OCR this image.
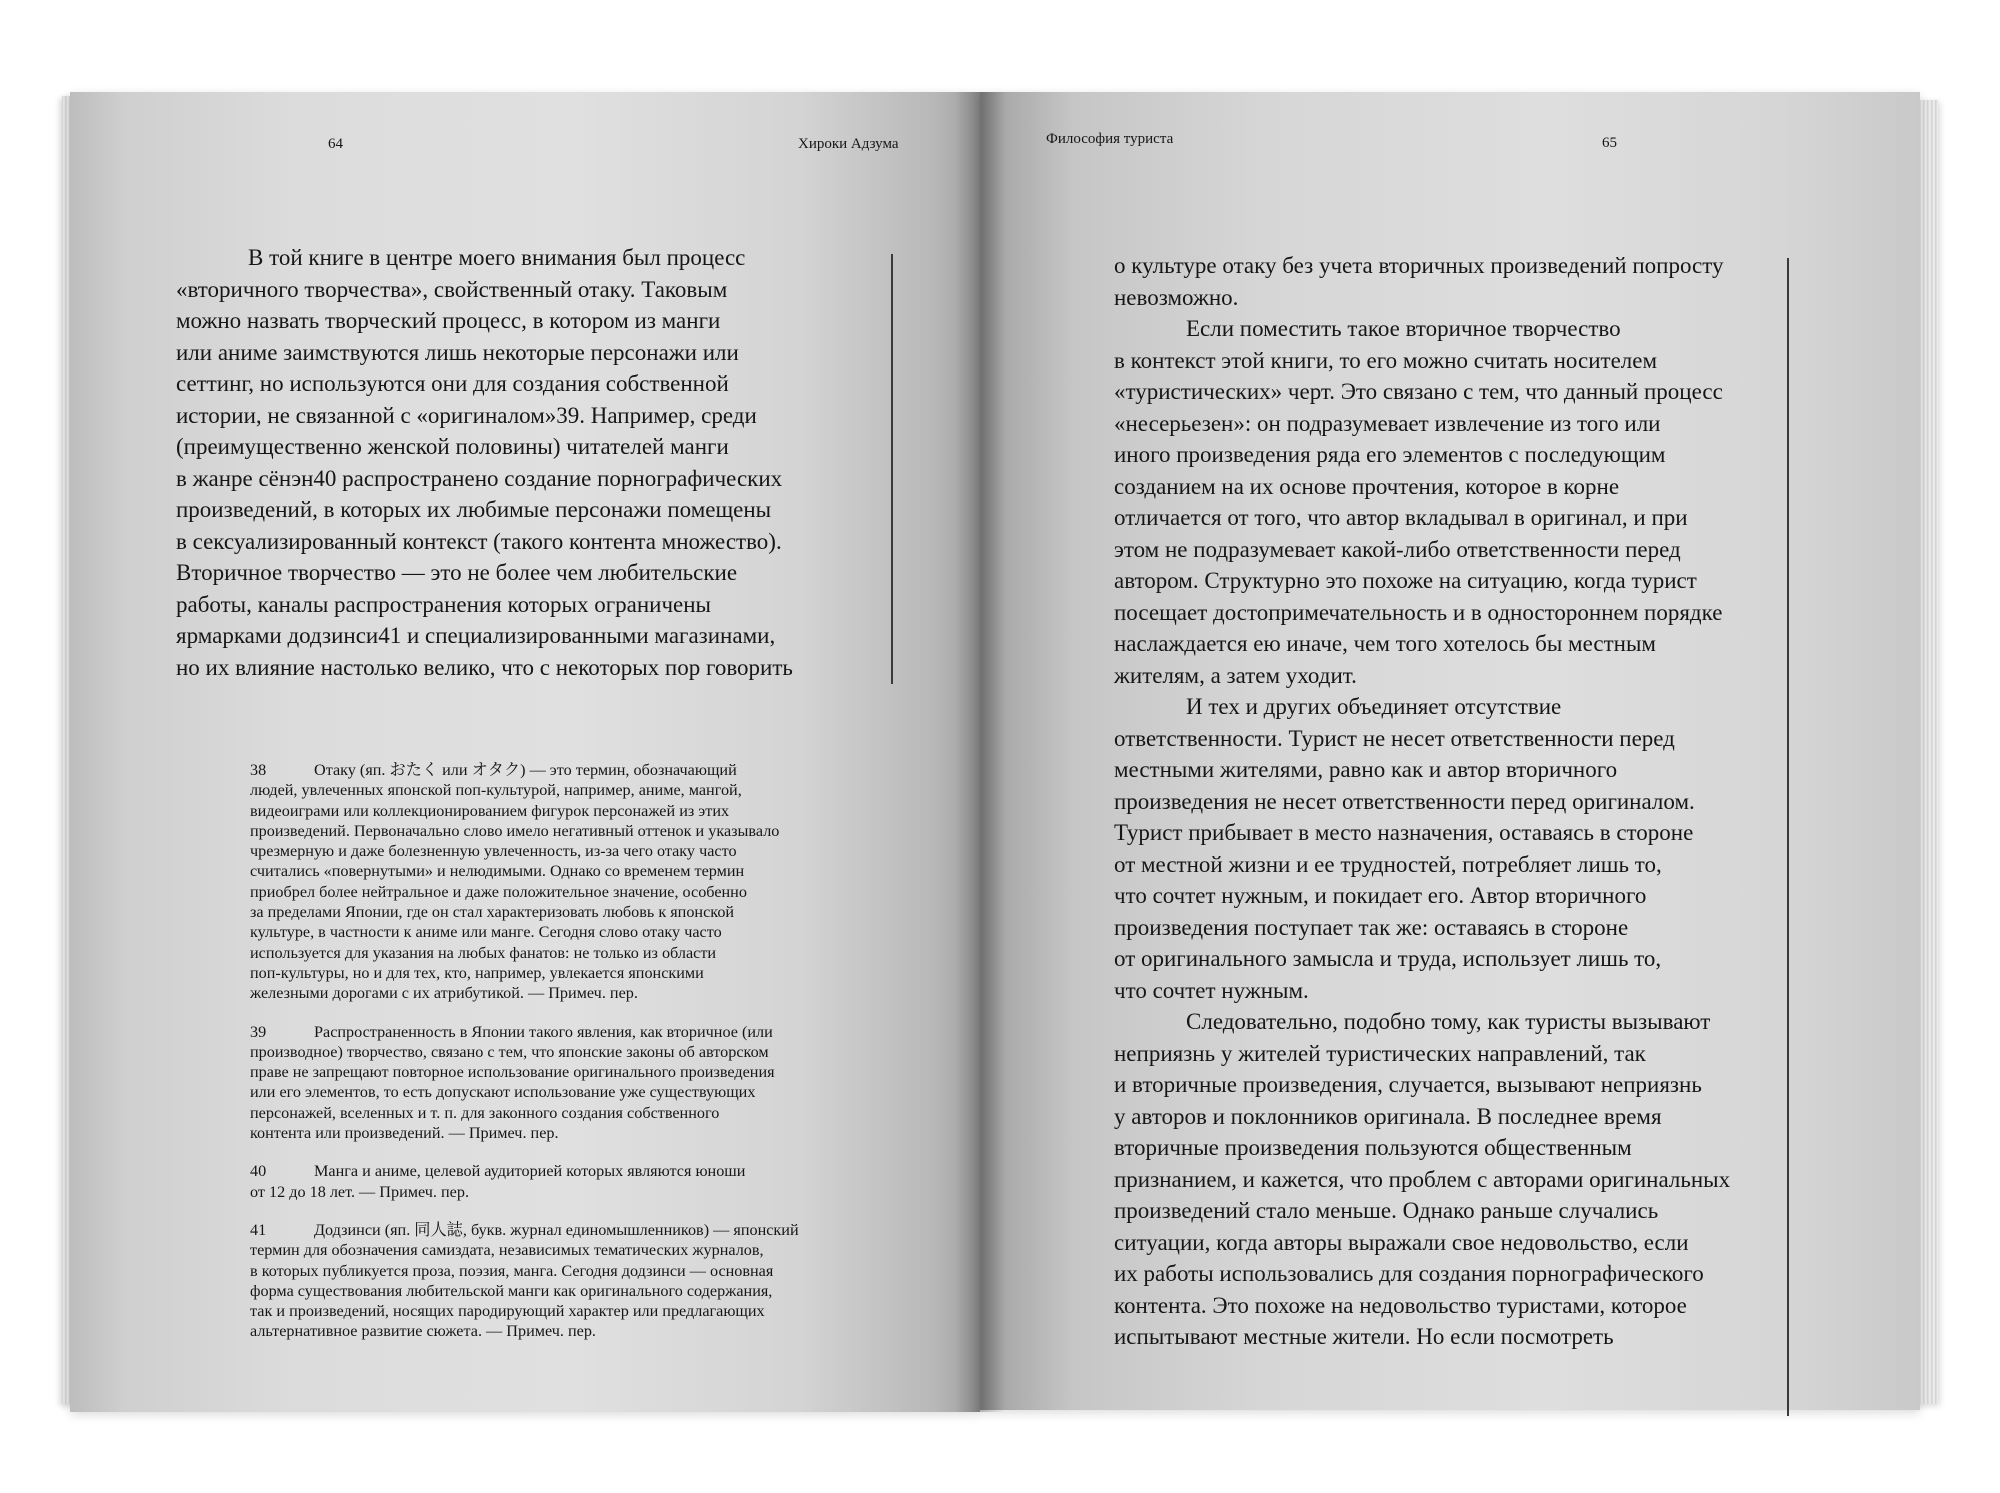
64	Хироки Адзума
В той книге в центре моего внимания был процесс
«вторичного творчества», свойственный отаку. Таковым
можно назвать творческий процесс, в котором из манги
или аниме заимствуются лишь некоторые персонажи или
сеттинг, но используются они для создания собственной
истории, не связанной с «оригиналом»39. Например, среди
(преимущественно женской половины) читателей манги
в жанре сёнэн40 распространено создание порнографических
произведений, в которых их любимые персонажи помещены
в сексуализированный контекст (такого контента множество).
Вторичное творчество — это не более чем любительские
работы, каналы распространения которых ограничены
ярмарками додзинси41 и специализированными магазинами,
но их влияние настолько велико, что с некоторых пор говорить
38	Отаку (яп. おたく или オタク) — это термин, обозначающий
людей, увлеченных японской поп-культурой, например, аниме, мангой,
видеоиграми или коллекционированием фигурок персонажей из этих
произведений. Первоначально слово имело негативный оттенок и указывало
чрезмерную и даже болезненную увлеченность, из-за чего отаку часто
считались «повернутыми» и нелюдимыми. Однако со временем термин
приобрел более нейтральное и даже положительное значение, особенно
за пределами Японии, где он стал характеризовать любовь к японской
культуре, в частности к аниме или манге. Сегодня слово отаку часто
используется для указания на любых фанатов: не только из области
поп-культуры, но и для тех, кто, например, увлекается японскими
железными дорогами с их атрибутикой. — Примеч. пер.
39	Распространенность в Японии такого явления, как вторичное (или
производное) творчество, связано с тем, что японские законы об авторском
праве не запрещают повторное использование оригинального произведения
или его элементов, то есть допускают использование уже существующих
персонажей, вселенных и т. п. для законного создания собственного
контента или произведений. — Примеч. пер.
40	Манга и аниме, целевой аудиторией которых являются юноши
от 12 до 18 лет. — Примеч. пер.
41	Додзинси (яп. 同人誌, букв. журнал единомышленников) — японский
термин для обозначения самиздата, независимых тематических журналов,
в которых публикуется проза, поэзия, манга. Сегодня додзинси — основная
форма существования любительской манги как оригинального содержания,
так и произведений, носящих пародирующий характер или предлагающих
альтернативное развитие сюжета. — Примеч. пер.
Философия туриста	65
о культуре отаку без учета вторичных произведений попросту
невозможно.
Если поместить такое вторичное творчество
в контекст этой книги, то его можно считать носителем
«туристических» черт. Это связано с тем, что данный процесс
«несерьезен»: он подразумевает извлечение из того или
иного произведения ряда его элементов с последующим
созданием на их основе прочтения, которое в корне
отличается от того, что автор вкладывал в оригинал, и при
этом не подразумевает какой-либо ответственности перед
автором. Структурно это похоже на ситуацию, когда турист
посещает достопримечательность и в одностороннем порядке
наслаждается ею иначе, чем того хотелось бы местным
жителям, а затем уходит.
И тех и других объединяет отсутствие
ответственности. Турист не несет ответственности перед
местными жителями, равно как и автор вторичного
произведения не несет ответственности перед оригиналом.
Турист прибывает в место назначения, оставаясь в стороне
от местной жизни и ее трудностей, потребляет лишь то,
что сочтет нужным, и покидает его. Автор вторичного
произведения поступает так же: оставаясь в стороне
от оригинального замысла и труда, использует лишь то,
что сочтет нужным.
Следовательно, подобно тому, как туристы вызывают
неприязнь у жителей туристических направлений, так
и вторичные произведения, случается, вызывают неприязнь
у авторов и поклонников оригинала. В последнее время
вторичные произведения пользуются общественным
признанием, и кажется, что проблем с авторами оригинальных
произведений стало меньше. Однако раньше случались
ситуации, когда авторы выражали свое недовольство, если
их работы использовались для создания порнографического
контента. Это похоже на недовольство туристами, которое
испытывают местные жители. Но если посмотреть
